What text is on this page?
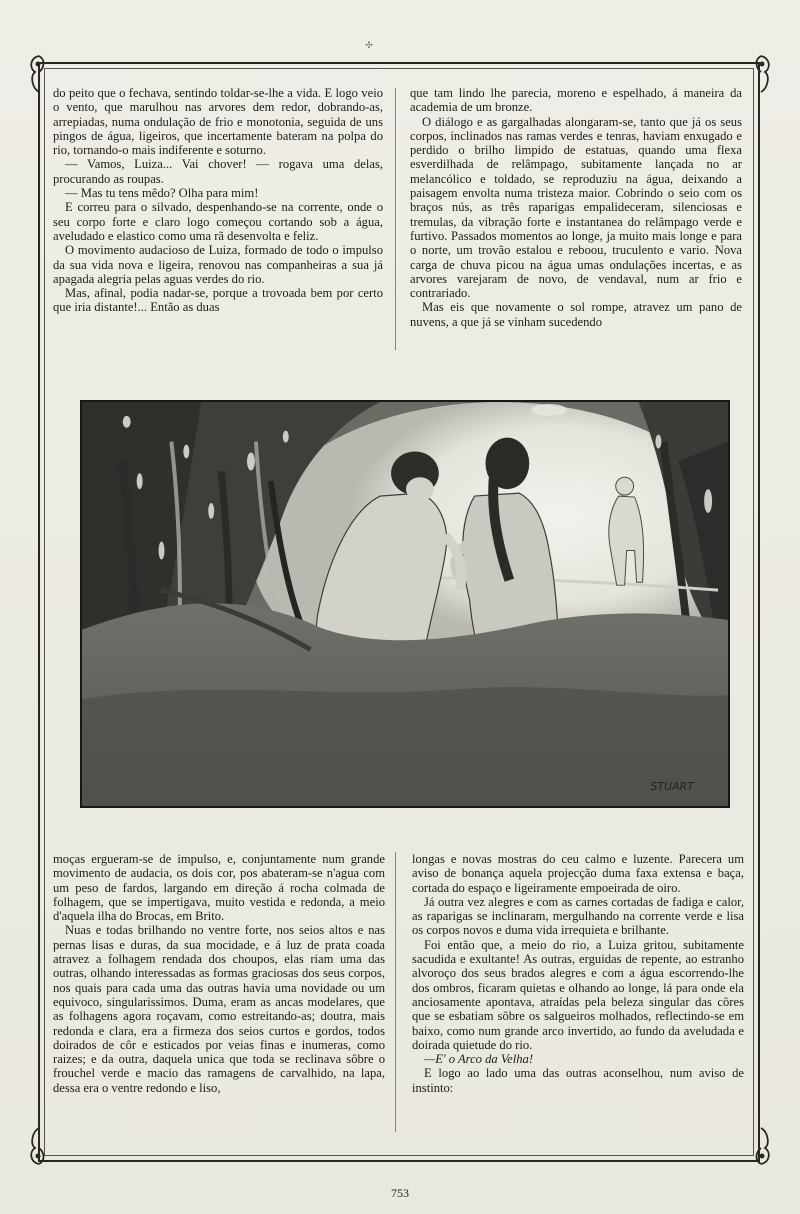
✣

do peito que o fechava, sentindo toldar-se-lhe a vida. E logo veio o vento, que marulhou nas arvores dem redor, dobrando-as, arrepiadas, numa ondulação de frio e monotonia, seguida de uns pingos de água, ligeiros, que incertamente bateram na polpa do rio, tornando-o mais indiferente e soturno.

— Vamos, Luiza... Vai chover! — rogava uma delas, procurando as roupas.

— Mas tu tens mêdo? Olha para mim!

E correu para o silvado, despenhando-se na corrente, onde o seu corpo forte e claro logo começou cortando sob a água, aveludado e elastico como uma rã desenvolta e feliz.

O movimento audacioso de Luiza, formado de todo o impulso da sua vida nova e ligeira, renovou nas companheiras a sua já apagada alegria pelas aguas verdes do rio.

Mas, afinal, podia nadar-se, porque a trovoada bem por certo que iria distante!... Então as duas

que tam lindo lhe parecia, moreno e espelhado, á maneira da academia de um bronze.

O diálogo e as gargalhadas alongaram-se, tanto que já os seus corpos, inclinados nas ramas verdes e tenras, haviam enxugado e perdido o brilho limpido de estatuas, quando uma flexa esverdilhada de relâmpago, subitamente lançada no ar melancólico e toldado, se reproduziu na água, deixando a paisagem envolta numa tristeza maior. Cobrindo o seio com os braços nús, as três raparigas empalideceram, silenciosas e tremulas, da vibração forte e instantanea do relâmpago verde e furtivo. Passados momentos ao longe, ja muito mais longe e para o norte, um trovão estalou e reboou, truculento e vario. Nova carga de chuva picou na água umas ondulações incertas, e as arvores varejaram de novo, de vendaval, num ar frio e contrariado.

Mas eis que novamente o sol rompe, atravez um pano de nuvens, a que já se vinham sucedendo

STUART

moças ergueram-se de impulso, e, conjuntamente num grande movimento de audacia, os dois cor, pos abateram-se n'agua com um peso de fardos, largando em direção á rocha colmada de folhagem, que se impertigava, muito vestida e redonda, a meio d'aquela ilha do Brocas, em Brito.

Nuas e todas brilhando no ventre forte, nos seios altos e nas pernas lisas e duras, da sua mocidade, e á luz de prata coada atravez a folhagem rendada dos choupos, elas riam uma das outras, olhando interessadas as formas graciosas dos seus corpos, nos quais para cada uma das outras havia uma novidade ou um equivoco, singularissimos. Duma, eram as ancas modelares, que as folhagens agora roçavam, como estreitando-as; doutra, mais redonda e clara, era a firmeza dos seios curtos e gordos, todos doirados de côr e esticados por veias finas e inumeras, como raizes; e da outra, daquela unica que toda se reclinava sôbre o frouchel verde e macio das ramagens de carvalhido, na lapa, dessa era o ventre redondo e liso,

longas e novas mostras do ceu calmo e luzente. Parecera um aviso de bonança aquela projecção duma faxa extensa e baça, cortada do espaço e ligeiramente empoeirada de oiro.

Já outra vez alegres e com as carnes cortadas de fadiga e calor, as raparigas se inclinaram, mergulhando na corrente verde e lisa os corpos novos e duma vida irrequieta e brilhante.

Foi então que, a meio do rio, a Luiza gritou, subitamente sacudida e exultante! As outras, erguidas de repente, ao estranho alvoroço dos seus brados alegres e com a água escorrendo-lhe dos ombros, ficaram quietas e olhando ao longe, lá para onde ela anciosamente apontava, atraídas pela beleza singular das côres que se esbatiam sôbre os salgueiros molhados, reflectindo-se em baixo, como num grande arco invertido, ao fundo da aveludada e doirada quietude do rio.

—E' o Arco da Velha!

E logo ao lado uma das outras aconselhou, num aviso de instinto:

753
